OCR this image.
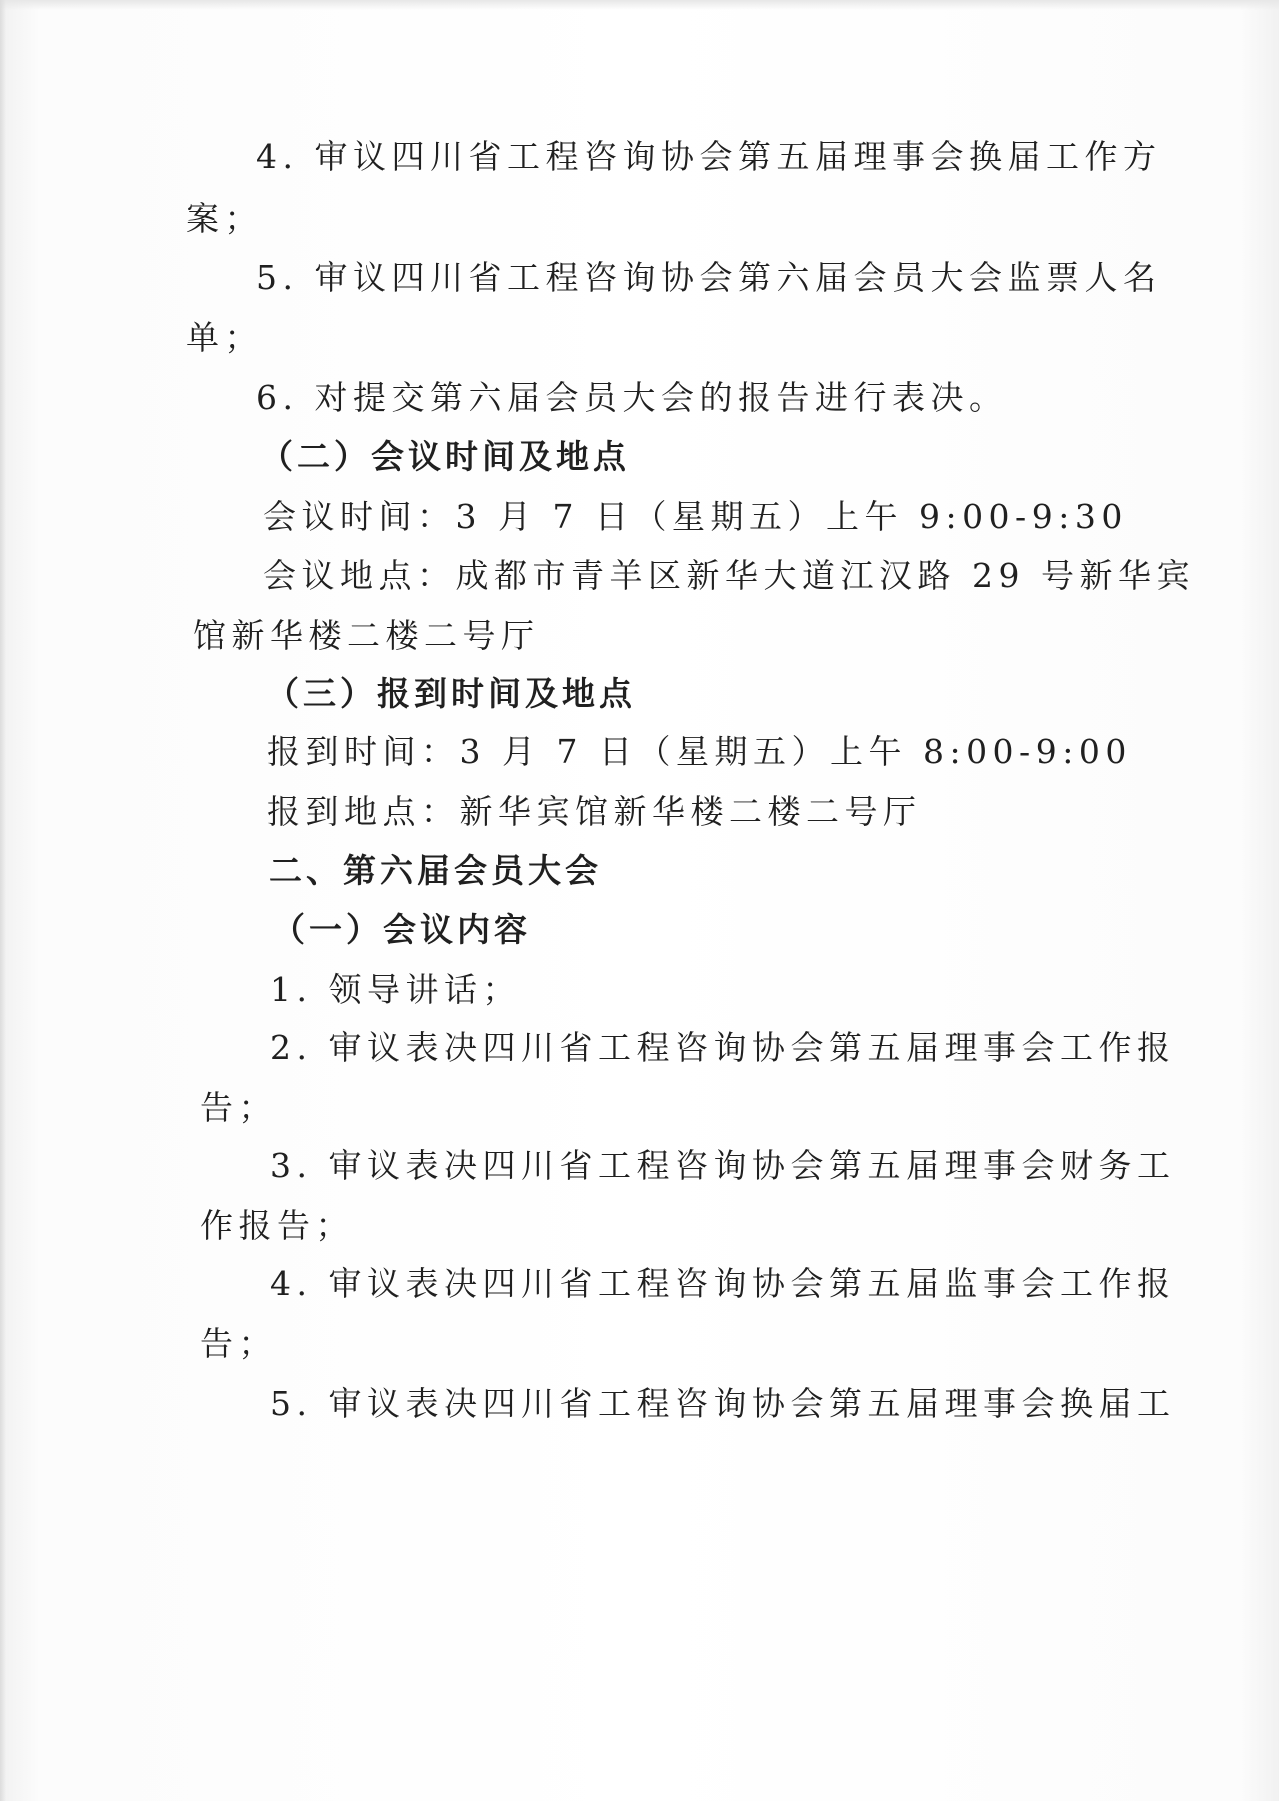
4. 审议四川省工程咨询协会第五届理事会换届工作方
案；
5. 审议四川省工程咨询协会第六届会员大会监票人名
单；
6. 对提交第六届会员大会的报告进行表决。
（二）会议时间及地点
会议时间：3 月 7 日（星期五）上午 9:00-9:30
会议地点：成都市青羊区新华大道江汉路 29 号新华宾
馆新华楼二楼二号厅
（三）报到时间及地点
报到时间：3 月 7 日（星期五）上午 8:00-9:00
报到地点：新华宾馆新华楼二楼二号厅
二、第六届会员大会
（一）会议内容
1. 领导讲话；
2. 审议表决四川省工程咨询协会第五届理事会工作报
告；
3. 审议表决四川省工程咨询协会第五届理事会财务工
作报告；
4. 审议表决四川省工程咨询协会第五届监事会工作报
告；
5. 审议表决四川省工程咨询协会第五届理事会换届工
